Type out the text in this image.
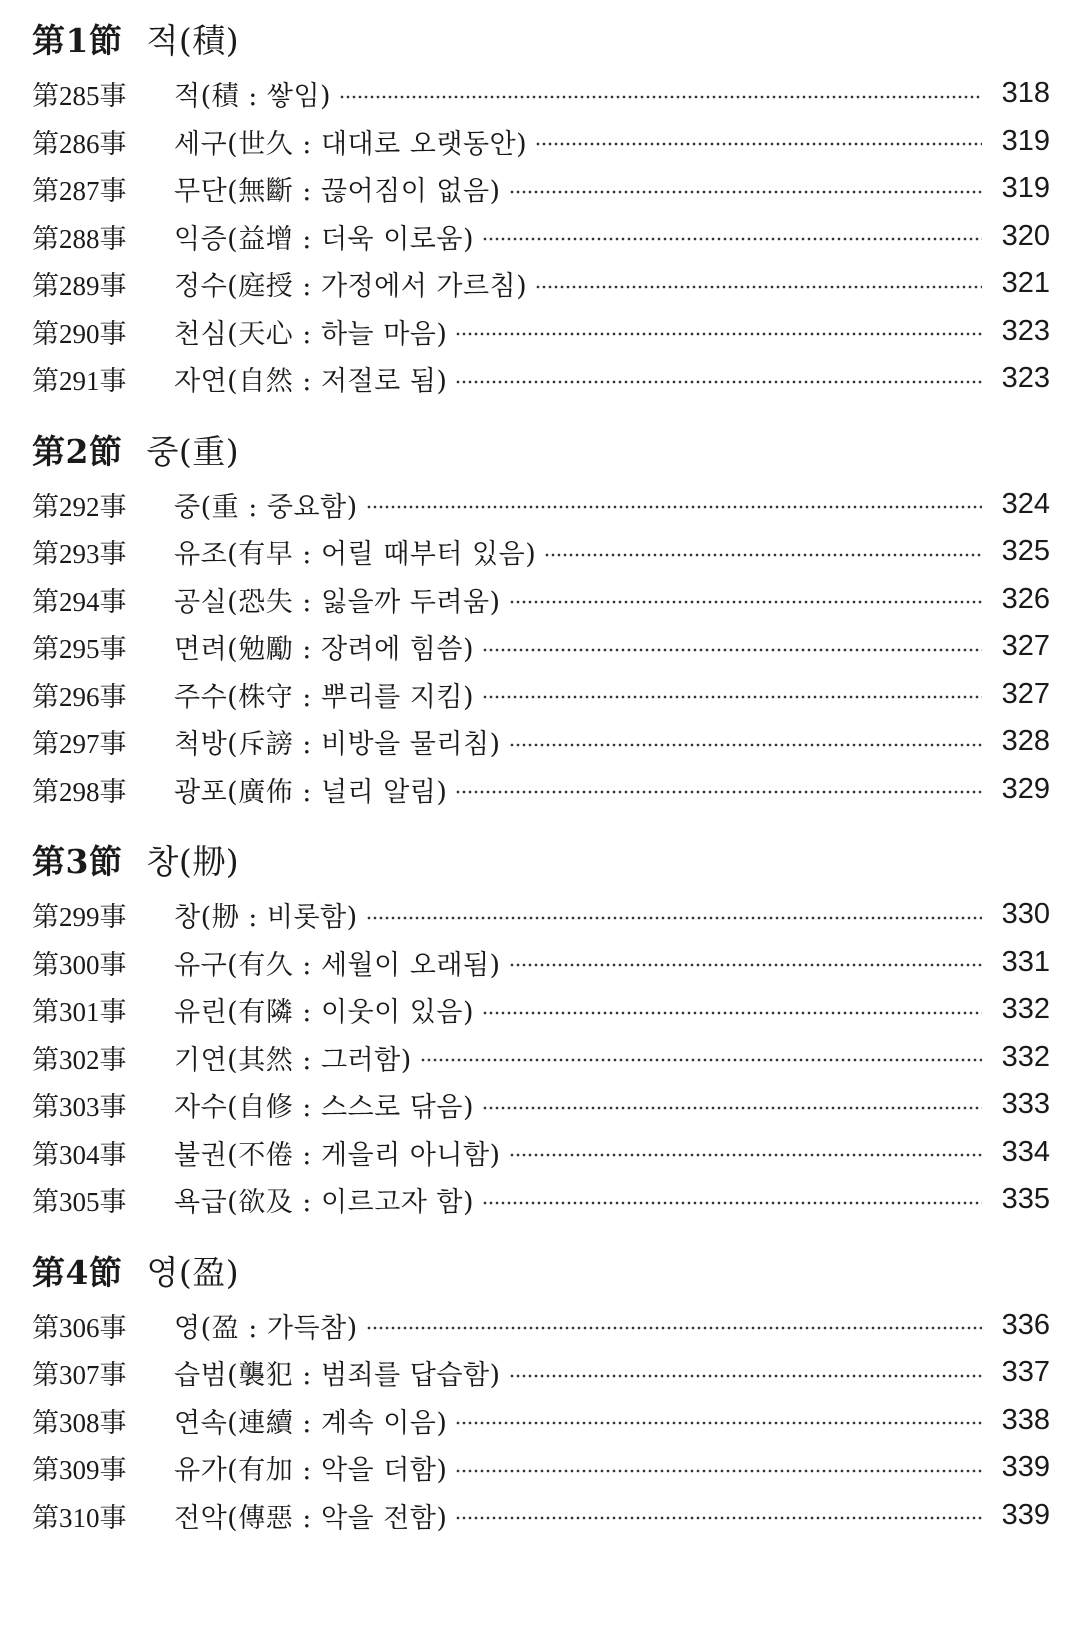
第1節 적(積)
第285事	적(積 : 쌓임)	318
第286事	세구(世久 : 대대로 오랫동안)	319
第287事	무단(無斷 : 끊어짐이 없음)	319
第288事	익증(益增 : 더욱 이로움)	320
第289事	정수(庭授 : 가정에서 가르침)	321
第290事	천심(天心 : 하늘 마음)	323
第291事	자연(自然 : 저절로 됨)	323
第2節 중(重)
第292事	중(重 : 중요함)	324
第293事	유조(有早 : 어릴 때부터 있음)	325
第294事	공실(恐失 : 잃을까 두려움)	326
第295事	면려(勉勵 : 장려에 힘씀)	327
第296事	주수(株守 : 뿌리를 지킴)	327
第297事	척방(斥謗 : 비방을 물리침)	328
第298事	광포(廣佈 : 널리 알림)	329
第3節 창(刱)
第299事	창(刱 : 비롯함)	330
第300事	유구(有久 : 세월이 오래됨)	331
第301事	유린(有隣 : 이웃이 있음)	332
第302事	기연(其然 : 그러함)	332
第303事	자수(自修 : 스스로 닦음)	333
第304事	불권(不倦 : 게을리 아니함)	334
第305事	욕급(欲及 : 이르고자 함)	335
第4節 영(盈)
第306事	영(盈 : 가득참)	336
第307事	습범(襲犯 : 범죄를 답습함)	337
第308事	연속(連續 : 계속 이음)	338
第309事	유가(有加 : 악을 더함)	339
第310事	전악(傳惡 : 악을 전함)	339
